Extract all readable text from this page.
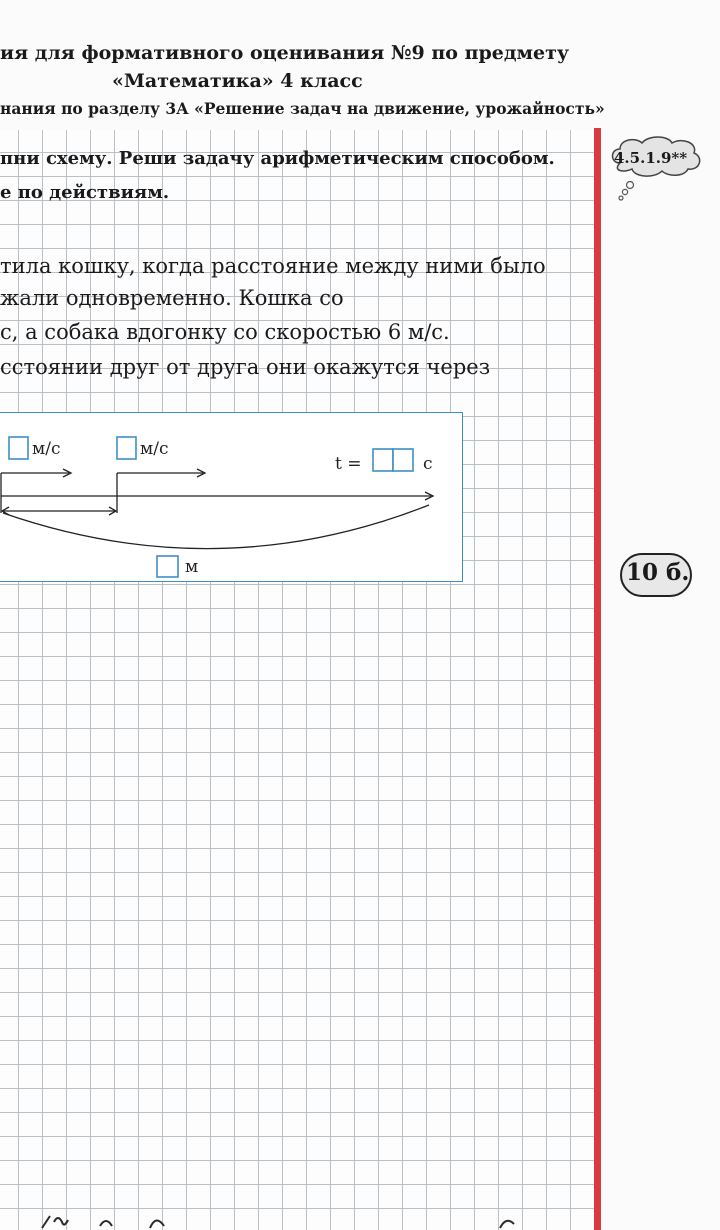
ия для формативного оценивания №9 по предмету
«Математика» 4 класс
нания по разделу 3А «Решение задач на движение, урожайность»
пни схему. Реши задачу арифметическим способом.
е по действиям.
4.5.1.9**
тила кошку, когда расстояние между ними было
жали одновременно. Кошка со
с, а собака вдогонку со скоростью 6 м/с.
сстоянии друг от друга они окажутся через
м/с	м/с
t =	с
м	10 б.
